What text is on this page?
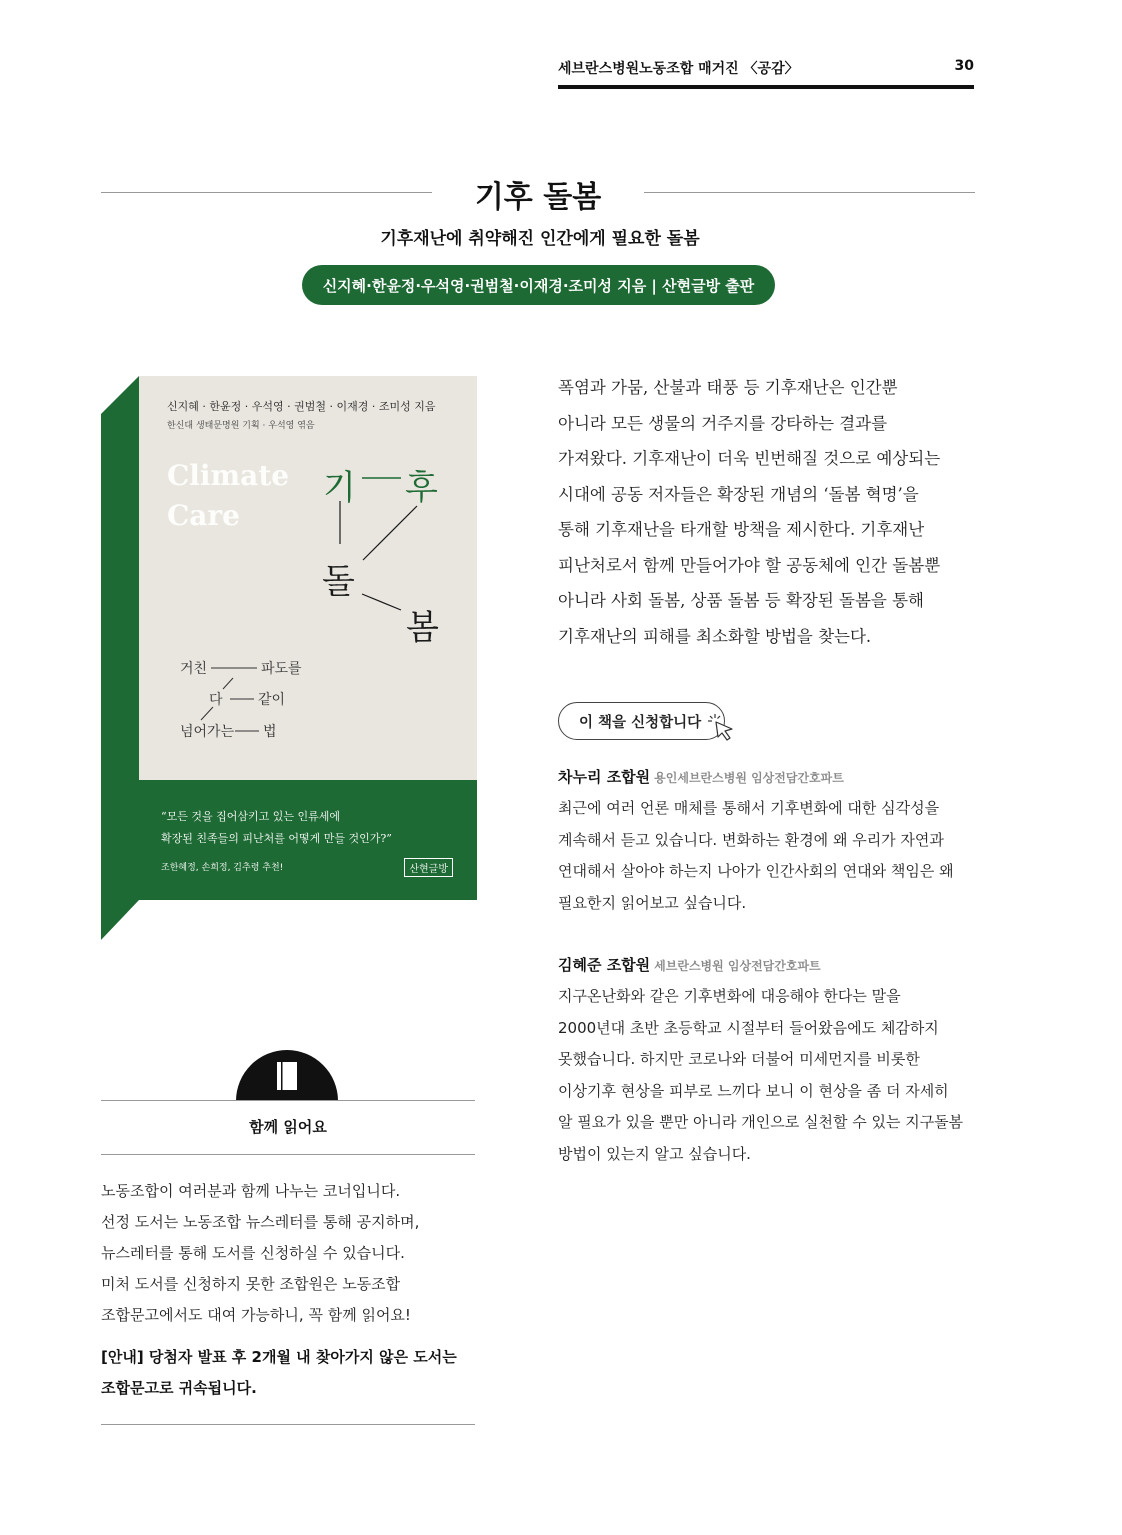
세브란스병원노동조합 매거진 〈공감〉	30
기후 돌봄
기후재난에 취약해진 인간에게 필요한 돌봄
신지혜·한윤정·우석영·권범철·이재경·조미성 지음 | 산현글방 출판
신지혜 · 한윤정 · 우석영 · 권범철 · 이재경 · 조미성 지음
한신대 생태문명원 기획 · 우석영 엮음
Climate
Care
기 후
돌
봄
거친	파도를
다	같이
넘어가는 법
“모든 것을 집어삼키고 있는 인류세에
확장된 친족들의 피난처를 어떻게 만들 것인가?”
조한혜정, 손희정, 김추령 추천!	산현글방
폭염과 가뭄, 산불과 태풍 등 기후재난은 인간뿐
아니라 모든 생물의 거주지를 강타하는 결과를
가져왔다. 기후재난이 더욱 빈번해질 것으로 예상되는
시대에 공동 저자들은 확장된 개념의 ‘돌봄 혁명’을
통해 기후재난을 타개할 방책을 제시한다. 기후재난
피난처로서 함께 만들어가야 할 공동체에 인간 돌봄뿐
아니라 사회 돌봄, 상품 돌봄 등 확장된 돌봄을 통해
기후재난의 피해를 최소화할 방법을 찾는다.
이 책을 신청합니다
차누리 조합원 용인세브란스병원 임상전담간호파트
최근에 여러 언론 매체를 통해서 기후변화에 대한 심각성을
계속해서 듣고 있습니다. 변화하는 환경에 왜 우리가 자연과
연대해서 살아야 하는지 나아가 인간사회의 연대와 책임은 왜
필요한지 읽어보고 싶습니다.
김혜준 조합원 세브란스병원 임상전담간호파트
지구온난화와 같은 기후변화에 대응해야 한다는 말을
2000년대 초반 초등학교 시절부터 들어왔음에도 체감하지
못했습니다. 하지만 코로나와 더불어 미세먼지를 비롯한
이상기후 현상을 피부로 느끼다 보니 이 현상을 좀 더 자세히
알 필요가 있을 뿐만 아니라 개인으로 실천할 수 있는 지구돌봄
방법이 있는지 알고 싶습니다.
함께 읽어요
노동조합이 여러분과 함께 나누는 코너입니다.
선정 도서는 노동조합 뉴스레터를 통해 공지하며,
뉴스레터를 통해 도서를 신청하실 수 있습니다.
미처 도서를 신청하지 못한 조합원은 노동조합
조합문고에서도 대여 가능하니, 꼭 함께 읽어요!
[안내] 당첨자 발표 후 2개월 내 찾아가지 않은 도서는
조합문고로 귀속됩니다.
